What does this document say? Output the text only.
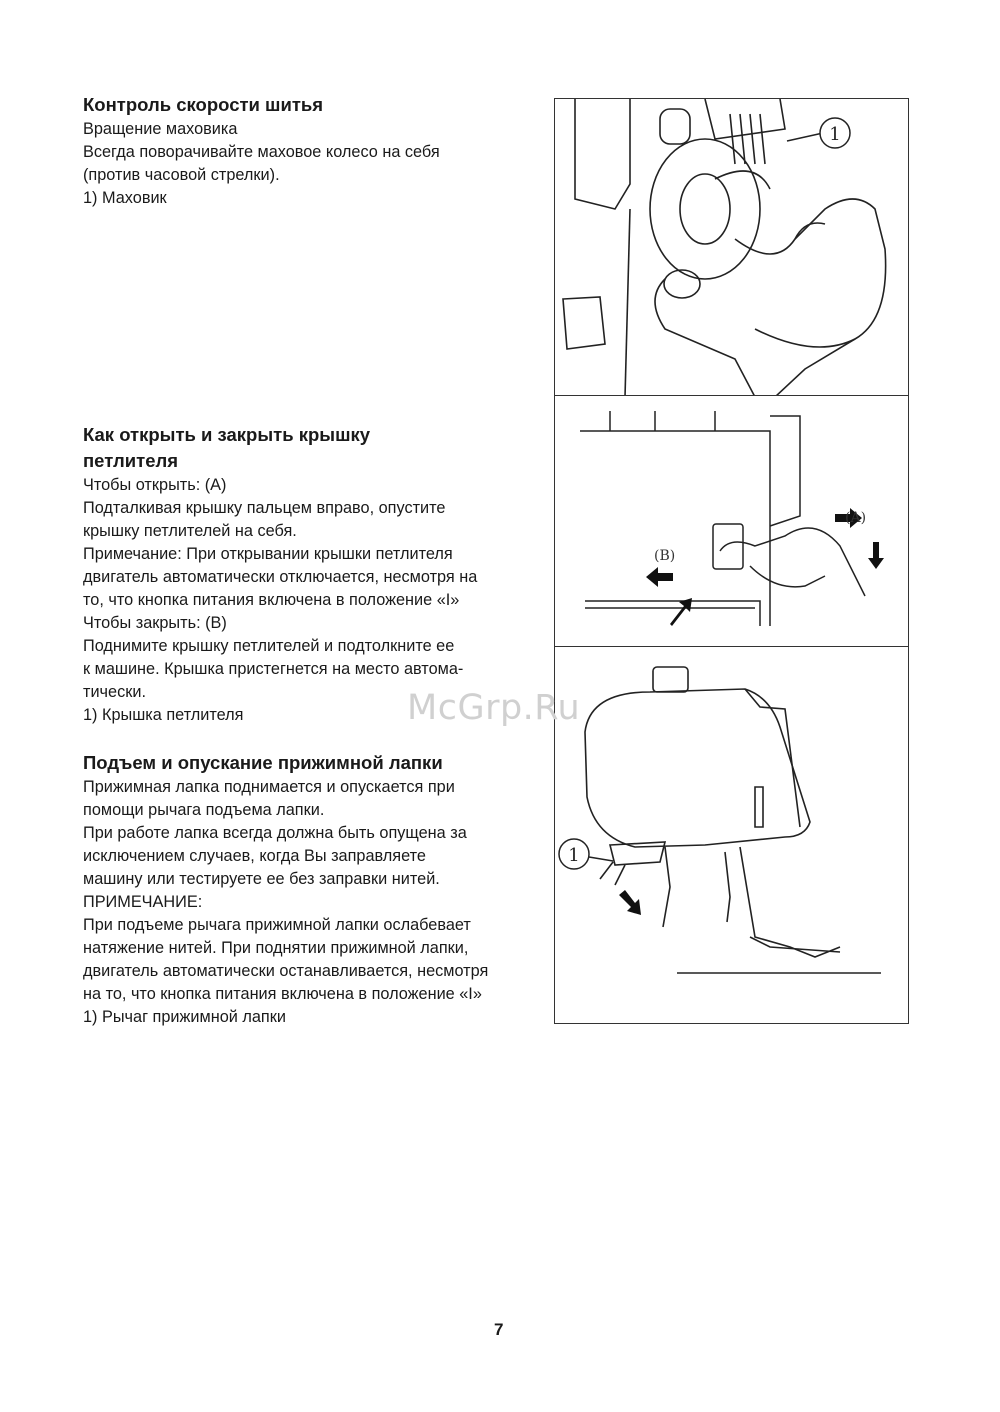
Контроль скорости шитья

Вращение маховика

Всегда поворачивайте маховое колесо на себя

(против часовой стрелки).

1) Маховик

Как открыть и закрыть крышку

петлителя

Чтобы открыть: (A)

Подталкивая крышку пальцем вправо, опустите

крышку петлителей на себя.

Примечание: При открывании крышки петлителя

двигатель автоматически отключается, несмотря на

то, что кнопка питания включена в положение «I»

Чтобы закрыть: (B)

Поднимите крышку петлителей и подтолкните ее

к машине. Крышка пристегнется на место автома-

тически.

1) Крышка петлителя

Подъем и опускание прижимной лапки

Прижимная лапка поднимается и опускается при

помощи рычага подъема лапки.

При работе лапка всегда должна быть опущена за

исключением случаев, когда Вы заправляете

машину или тестируете ее без заправки нитей.

ПРИМЕЧАНИЕ:

При подъеме рычага прижимной лапки ослабевает

натяжение нитей. При поднятии прижимной лапки,

двигатель автоматически останавливается, несмотря

на то, что кнопка питания включена в положение «I»

1) Рычаг прижимной лапки

1
(A)
(B)
1
McGrp.Ru
7
